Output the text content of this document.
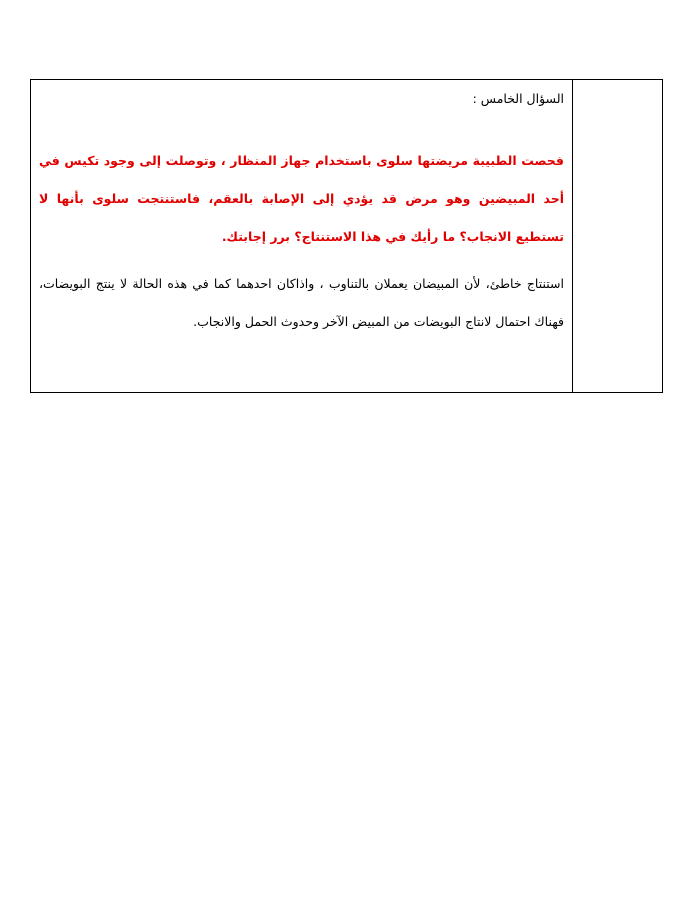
السؤال الخامس :

فحصت الطبيبة مريضتها سلوى باستخدام جهاز المنظار ، وتوصلت إلى وجود تكيس في أحد المبيضين وهو مرض قد يؤدي إلى الإصابة بالعقم، فاستنتجت سلوى بأنها لا تستطيع الانجاب؟ ما رأيك في هذا الاستنتاج؟ برر إجابتك.

استنتاج خاطئ، لأن المبيضان يعملان بالتناوب ، واذاكان احدهما كما في هذه الحالة لا ينتج البويضات، فهناك احتمال لانتاج البويضات من المبيض الآخر وحدوث الحمل والانجاب.
